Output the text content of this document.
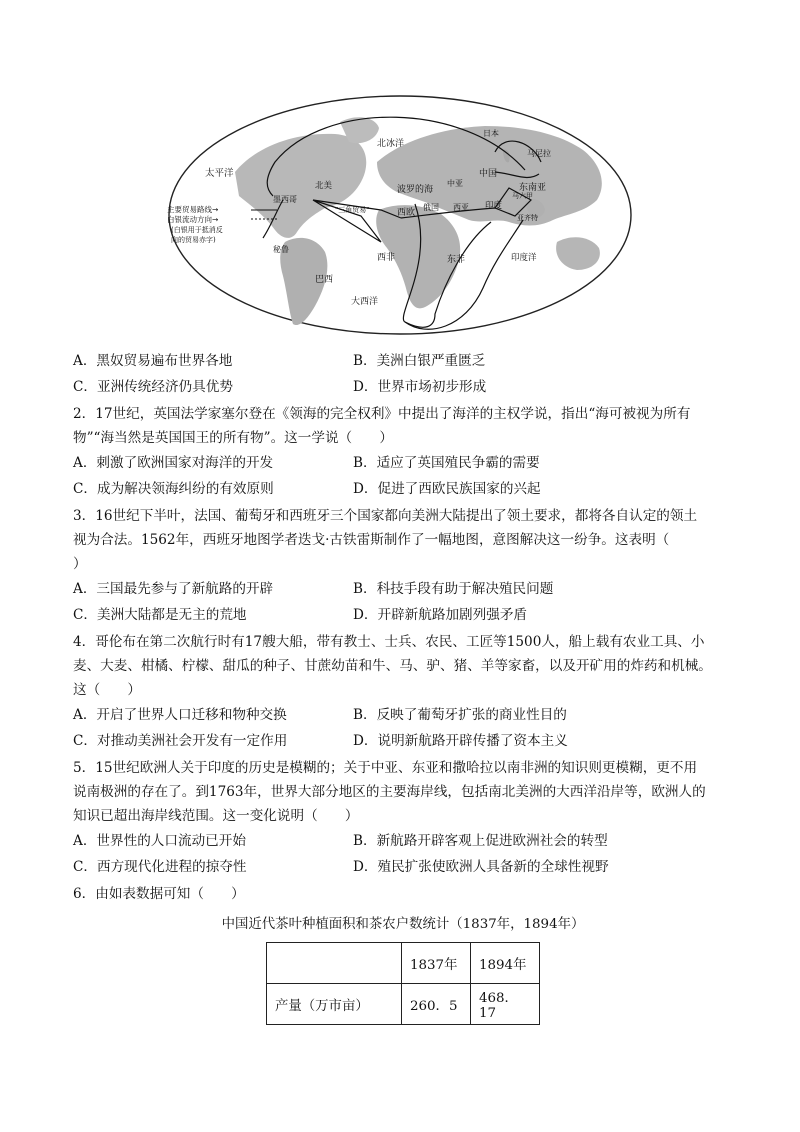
太平洋
北冰洋
日本
马尼拉
东南亚
主要贸易路线→
白银流动方向→
(白银用于抵消反
向的贸易赤字)
北美
墨西哥
"三角贸易"
波罗的海
中亚
中国
西欧
俄国 西亚 印度
马六甲
亚齐特
秘鲁
西非	东非
巴西
印度洋
大西洋
A．黑奴贸易遍布世界各地	B．美洲白银严重匮乏
C．亚洲传统经济仍具优势	D．世界市场初步形成
2．17世纪，英国法学家塞尔登在《领海的完全权利》中提出了海洋的主权学说，指出“海可被视为所有
物”“海当然是英国国王的所有物”。这一学说（　　）
A．刺激了欧洲国家对海洋的开发	B．适应了英国殖民争霸的需要
C．成为解决领海纠纷的有效原则	D．促进了西欧民族国家的兴起
3．16世纪下半叶，法国、葡萄牙和西班牙三个国家都向美洲大陆提出了领土要求，都将各自认定的领土
视为合法。1562年，西班牙地图学者迭戈·古铁雷斯制作了一幅地图，意图解决这一纷争。这表明（
）
A．三国最先参与了新航路的开辟	B．科技手段有助于解决殖民问题
C．美洲大陆都是无主的荒地	D．开辟新航路加剧列强矛盾
4．哥伦布在第二次航行时有17艘大船，带有教士、士兵、农民、工匠等1500人，船上载有农业工具、小
麦、大麦、柑橘、柠檬、甜瓜的种子、甘蔗幼苗和牛、马、驴、猪、羊等家畜，以及开矿用的炸药和机械。
这（　　）
A．开启了世界人口迁移和物种交换	B．反映了葡萄牙扩张的商业性目的
C．对推动美洲社会开发有一定作用	D．说明新航路开辟传播了资本主义
5．15世纪欧洲人关于印度的历史是模糊的；关于中亚、东亚和撒哈拉以南非洲的知识则更模糊，更不用
说南极洲的存在了。到1763年，世界大部分地区的主要海岸线，包括南北美洲的大西洋沿岸等，欧洲人的
知识已超出海岸线范围。这一变化说明（　　）
A．世界性的人口流动已开始	B．新航路开辟客观上促进欧洲社会的转型
C．西方现代化进程的掠夺性	D．殖民扩张使欧洲人具备新的全球性视野
6．由如表数据可知（　　）
中国近代茶叶种植面积和茶农户数统计（1837年，1894年）
	1837年	1894年
产量（万市亩）	260．5	468．17
